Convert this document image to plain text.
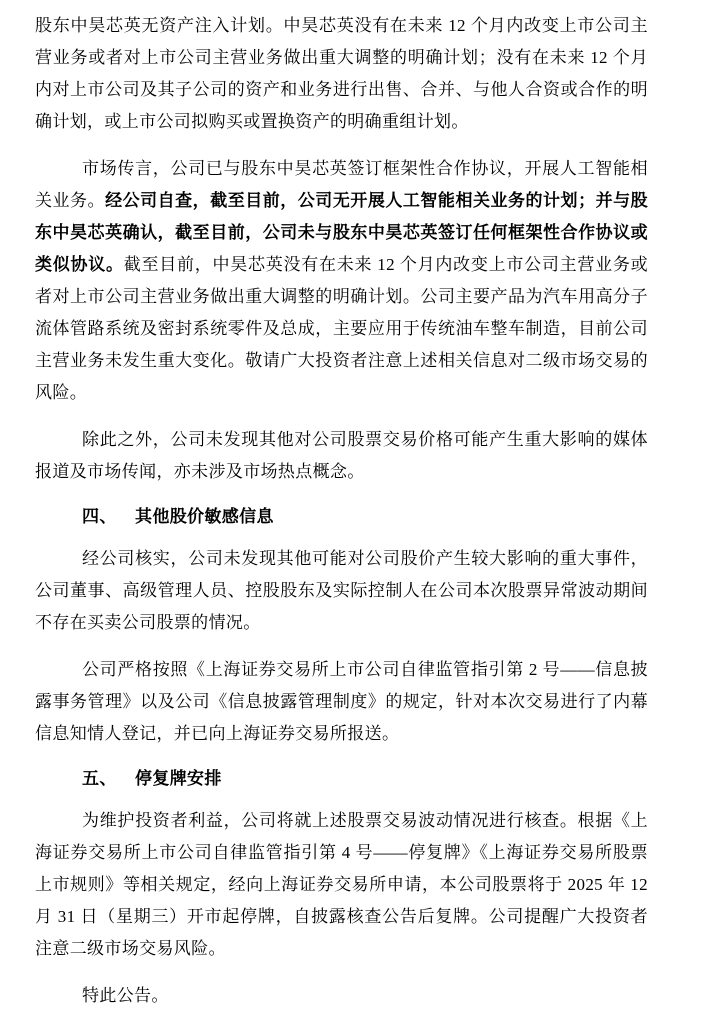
股东中昊芯英无资产注入计划。中昊芯英没有在未来 12 个月内改变上市公司主营业务或者对上市公司主营业务做出重大调整的明确计划；没有在未来 12 个月内对上市公司及其子公司的资产和业务进行出售、合并、与他人合资或合作的明确计划，或上市公司拟购买或置换资产的明确重组计划。

市场传言，公司已与股东中昊芯英签订框架性合作协议，开展人工智能相关业务。经公司自查，截至目前，公司无开展人工智能相关业务的计划；并与股东中昊芯英确认，截至目前，公司未与股东中昊芯英签订任何框架性合作协议或类似协议。截至目前，中昊芯英没有在未来 12 个月内改变上市公司主营业务或者对上市公司主营业务做出重大调整的明确计划。公司主要产品为汽车用高分子流体管路系统及密封系统零件及总成，主要应用于传统油车整车制造，目前公司主营业务未发生重大变化。敬请广大投资者注意上述相关信息对二级市场交易的风险。

除此之外，公司未发现其他对公司股票交易价格可能产生重大影响的媒体报道及市场传闻，亦未涉及市场热点概念。

四、 其他股价敏感信息

经公司核实，公司未发现其他可能对公司股价产生较大影响的重大事件，公司董事、高级管理人员、控股股东及实际控制人在公司本次股票异常波动期间不存在买卖公司股票的情况。

公司严格按照《上海证券交易所上市公司自律监管指引第 2 号——信息披露事务管理》以及公司《信息披露管理制度》的规定，针对本次交易进行了内幕信息知情人登记，并已向上海证券交易所报送。

五、 停复牌安排

为维护投资者利益，公司将就上述股票交易波动情况进行核查。根据《上海证券交易所上市公司自律监管指引第 4 号——停复牌》《上海证券交易所股票上市规则》等相关规定，经向上海证券交易所申请，本公司股票将于 2025 年 12 月 31 日（星期三）开市起停牌，自披露核查公告后复牌。公司提醒广大投资者注意二级市场交易风险。

特此公告。
